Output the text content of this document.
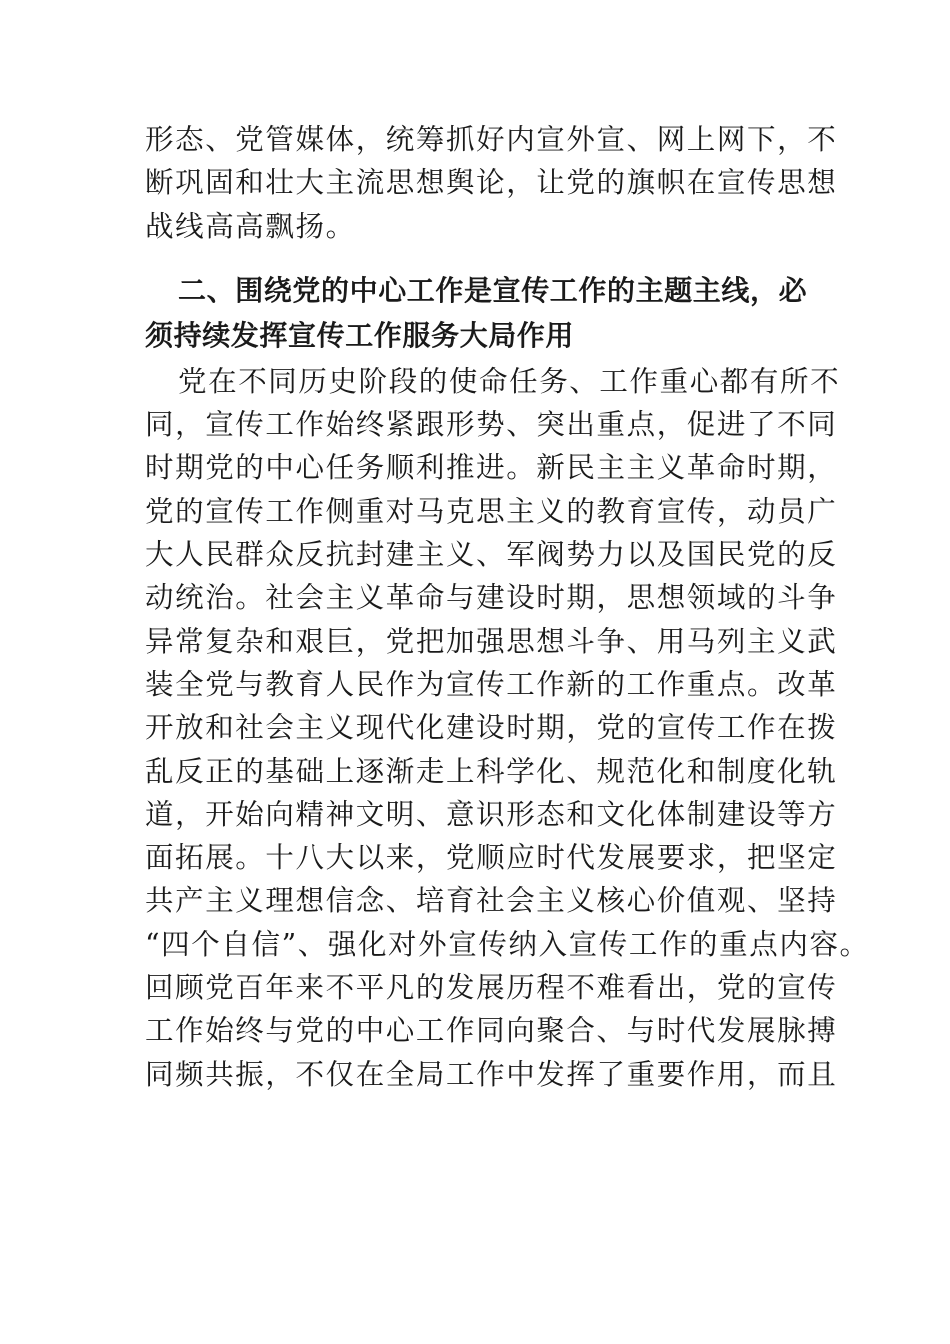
形态、党管媒体，统筹抓好内宣外宣、网上网下，不
断巩固和壮大主流思想舆论，让党的旗帜在宣传思想
战线高高飘扬。
二、围绕党的中心工作是宣传工作的主题主线，必
须持续发挥宣传工作服务大局作用
党在不同历史阶段的使命任务、工作重心都有所不
同，宣传工作始终紧跟形势、突出重点，促进了不同
时期党的中心任务顺利推进。新民主主义革命时期，
党的宣传工作侧重对马克思主义的教育宣传，动员广
大人民群众反抗封建主义、军阀势力以及国民党的反
动统治。社会主义革命与建设时期，思想领域的斗争
异常复杂和艰巨，党把加强思想斗争、用马列主义武
装全党与教育人民作为宣传工作新的工作重点。改革
开放和社会主义现代化建设时期，党的宣传工作在拨
乱反正的基础上逐渐走上科学化、规范化和制度化轨
道，开始向精神文明、意识形态和文化体制建设等方
面拓展。十八大以来，党顺应时代发展要求，把坚定
共产主义理想信念、培育社会主义核心价值观、坚持
“四个自信”、强化对外宣传纳入宣传工作的重点内容。
回顾党百年来不平凡的发展历程不难看出，党的宣传
工作始终与党的中心工作同向聚合、与时代发展脉搏
同频共振，不仅在全局工作中发挥了重要作用，而且
